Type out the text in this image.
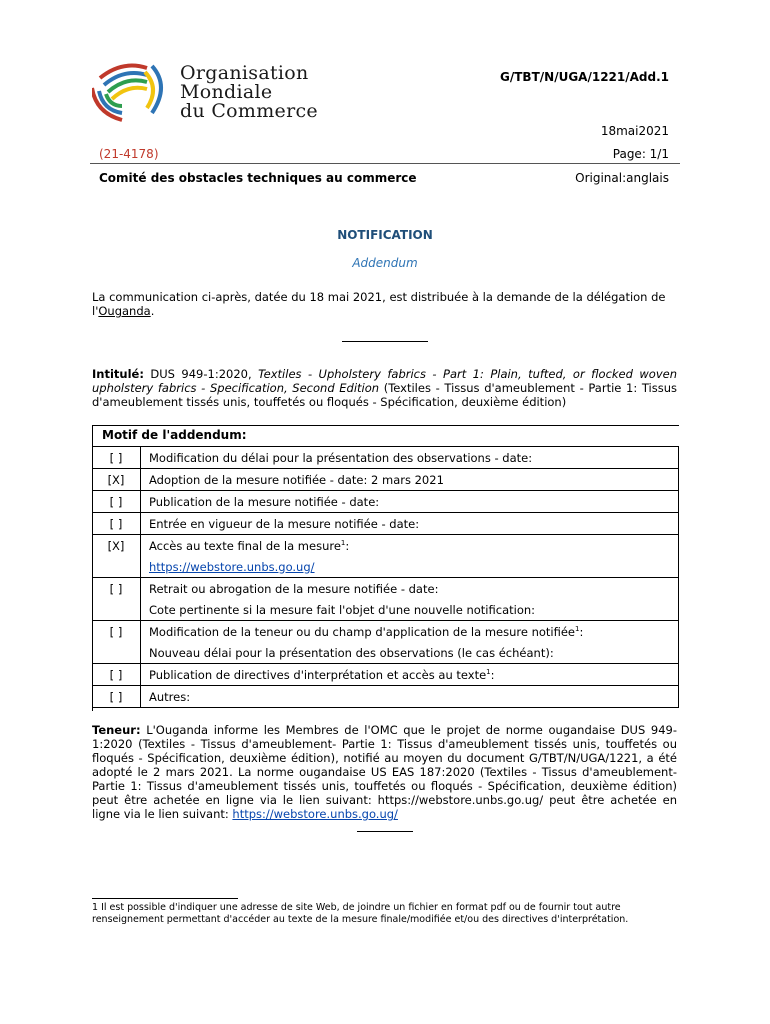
Organisation
Mondiale
du Commerce
G/TBT/N/UGA/1221/Add.1
18mai2021
(21-4178)	Page: 1/1
Comité des obstacles techniques au commerce	Original:anglais
NOTIFICATION
Addendum
La communication ci-après, datée du 18 mai 2021, est distribuée à la demande de la délégation de l'Ouganda.
Intitulé: DUS 949-1:2020, Textiles - Upholstery fabrics - Part 1: Plain, tufted, or flocked woven upholstery fabrics - Specification, Second Edition (Textiles - Tissus d'ameublement - Partie 1: Tissus d'ameublement tissés unis, touffetés ou floqués - Spécification, deuxième édition)
Motif de l'addendum:
[ ]	Modification du délai pour la présentation des observations - date:
[X]	Adoption de la mesure notifiée - date: 2 mars 2021
[ ]	Publication de la mesure notifiée - date:
[ ]	Entrée en vigueur de la mesure notifiée - date:
[X]	Accès au texte final de la mesure$^1$:
	https://webstore.unbs.go.ug/
[ ]	Retrait ou abrogation de la mesure notifiée - date:
	Cote pertinente si la mesure fait l'objet d'une nouvelle notification:
[ ]	Modification de la teneur ou du champ d'application de la mesure notifiée$^1$:
	Nouveau délai pour la présentation des observations (le cas échéant):
[ ]	Publication de directives d'interprétation et accès au texte$^1$:
[ ]	Autres:
Teneur: L'Ouganda informe les Membres de l'OMC que le projet de norme ougandaise DUS 949-1:2020 (Textiles - Tissus d'ameublement- Partie 1: Tissus d'ameublement tissés unis, touffetés ou floqués - Spécification, deuxième édition), notifié au moyen du document G/TBT/N/UGA/1221, a été adopté le 2 mars 2021. La norme ougandaise US EAS 187:2020 (Textiles - Tissus d'ameublement- Partie 1: Tissus d'ameublement tissés unis, touffetés ou floqués - Spécification, deuxième édition) peut être achetée en ligne via le lien suivant: https://webstore.unbs.go.ug/ peut être achetée en ligne via le lien suivant: https://webstore.unbs.go.ug/
1 Il est possible d'indiquer une adresse de site Web, de joindre un fichier en format pdf ou de fournir tout autre renseignement permettant d'accéder au texte de la mesure finale/modifiée et/ou des directives d'interprétation.
